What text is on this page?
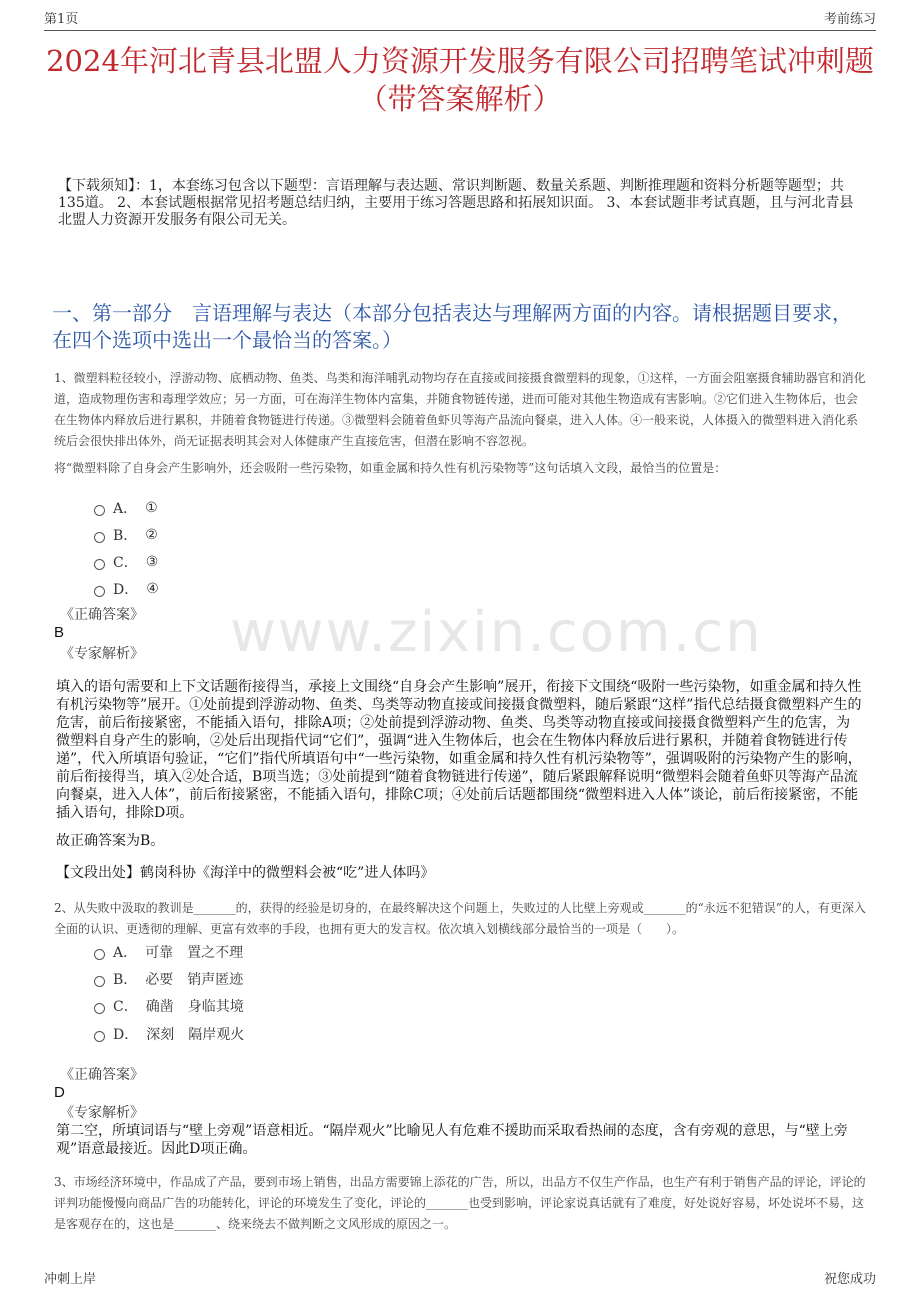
第1页	考前练习
2024年河北青县北盟人力资源开发服务有限公司招聘笔试冲刺题（带答案解析）
【下载须知】：1，本套练习包含以下题型：言语理解与表达题、常识判断题、数量关系题、判断推理题和资料分析题等题型；共135道。 2、本套试题根据常见招考题总结归纳，主要用于练习答题思路和拓展知识面。 3、本套试题非考试真题，且与河北青县北盟人力资源开发服务有限公司无关。
一、第一部分　言语理解与表达（本部分包括表达与理解两方面的内容。请根据题目要求，在四个选项中选出一个最恰当的答案。）
www.zixin.com.cn
1、微塑料粒径较小，浮游动物、底栖动物、鱼类、鸟类和海洋哺乳动物均存在直接或间接摄食微塑料的现象，①这样，一方面会阻塞摄食辅助器官和消化道，造成物理伤害和毒理学效应；另一方面，可在海洋生物体内富集，并随食物链传递，进而可能对其他生物造成有害影响。②它们进入生物体后，也会在生物体内释放后进行累积，并随着食物链进行传递。③微塑料会随着鱼虾贝等海产品流向餐桌，进入人体。④一般来说，人体摄入的微塑料进入消化系统后会很快排出体外，尚无证据表明其会对人体健康产生直接危害，但潜在影响不容忽视。
将“微塑料除了自身会产生影响外，还会吸附一些污染物，如重金属和持久性有机污染物等”这句话填入文段，最恰当的位置是：
A． ①
B． ②
C． ③
D． ④
《正确答案》
B
《专家解析》
填入的语句需要和上下文话题衔接得当，承接上文围绕“自身会产生影响”展开，衔接下文围绕“吸附一些污染物，如重金属和持久性有机污染物等”展开。①处前提到浮游动物、鱼类、鸟类等动物直接或间接摄食微塑料，随后紧跟“这样”指代总结摄食微塑料产生的危害，前后衔接紧密，不能插入语句，排除A项；②处前提到浮游动物、鱼类、鸟类等动物直接或间接摄食微塑料产生的危害，为微塑料自身产生的影响，②处后出现指代词“它们”，强调“进入生物体后，也会在生物体内释放后进行累积，并随着食物链进行传递”，代入所填语句验证，“它们”指代所填语句中“一些污染物，如重金属和持久性有机污染物等”，强调吸附的污染物产生的影响，前后衔接得当，填入②处合适，B项当选；③处前提到“随着食物链进行传递”，随后紧跟解释说明“微塑料会随着鱼虾贝等海产品流向餐桌，进入人体”，前后衔接紧密，不能插入语句，排除C项；④处前后话题都围绕“微塑料进入人体”谈论，前后衔接紧密，不能插入语句，排除D项。
故正确答案为B。
【文段出处】鹤岗科协《海洋中的微塑料会被“吃”进人体吗》
2、从失败中汲取的教训是_______的，获得的经验是切身的，在最终解决这个问题上，失败过的人比壁上旁观或_______的“永远不犯错误”的人，有更深入全面的认识、更透彻的理解、更富有效率的手段，也拥有更大的发言权。依次填入划横线部分最恰当的一项是（　　）。
A． 可靠 置之不理
B． 必要 销声匿迹
C． 确凿 身临其境
D． 深刻 隔岸观火
《正确答案》
D
《专家解析》
第二空，所填词语与“壁上旁观”语意相近。“隔岸观火”比喻见人有危难不援助而采取看热闹的态度，含有旁观的意思，与“壁上旁观”语意最接近。因此D项正确。
3、市场经济环境中，作品成了产品，要到市场上销售，出品方需要锦上添花的广告，所以，出品方不仅生产作品，也生产有利于销售产品的评论，评论的评判功能慢慢向商品广告的功能转化，评论的环境发生了变化，评论的_______也受到影响，评论家说真话就有了难度，好处说好容易，坏处说坏不易，这是客观存在的，这也是_______、绕来绕去不做判断之文风形成的原因之一。
冲刺上岸	祝您成功
